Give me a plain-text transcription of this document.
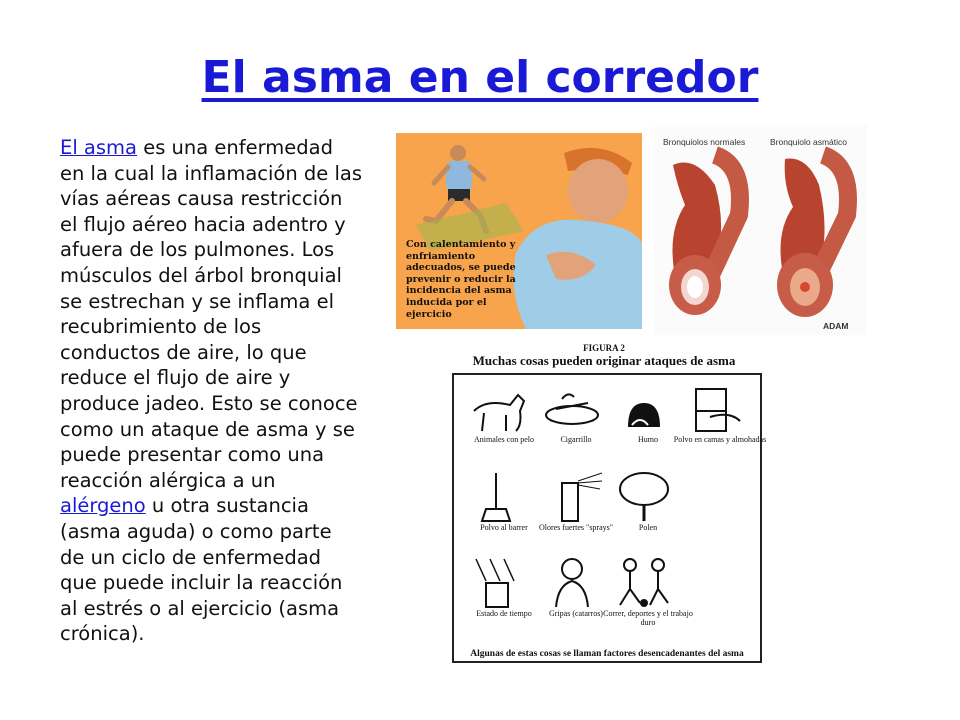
El asma en el corredor
El asma es una enfermedad
en la cual la inflamación de las
vías aéreas causa restricción
el flujo aéreo hacia adentro y
afuera de los pulmones. Los
músculos del árbol bronquial
se estrechan y se inflama el
recubrimiento de los
conductos de aire, lo que
reduce el flujo de aire y
produce jadeo. Esto se conoce
como un ataque de asma y se
puede presentar como una
reacción alérgica a un
alérgeno u otra sustancia
(asma aguda) o como parte
de un ciclo de enfermedad
que puede incluir la reacción
al estrés o al ejercicio (asma
crónica).
Con calentamiento y enfriamiento adecuados, se puede prevenir o reducir la incidencia del asma inducida por el ejercicio
Bronquiolos normales	Bronquiolo asmático
ADAM
FIGURA 2
Muchas cosas pueden originar ataques de asma
Animales con pelo	Cigarrillo	Humo	Polvo en camas y almohadas
Polvo al barrer	Olores fuertes "sprays"	Polen
Estado de tiempo	Gripas (catarros) Correr, deportes y el trabajo duro
Algunas de estas cosas se llaman factores desencadenantes del asma
